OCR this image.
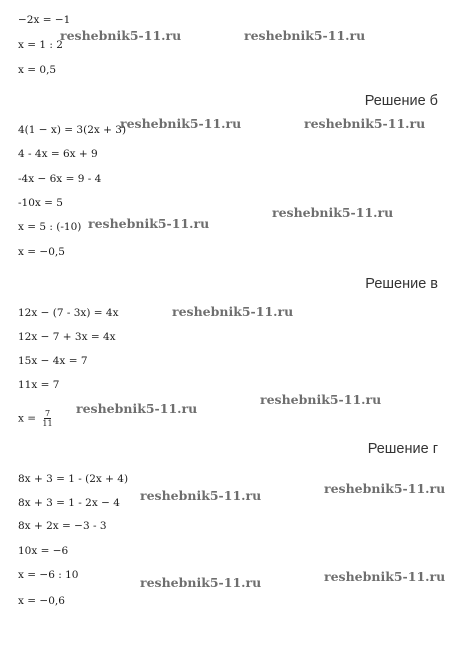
−2x = −1
x = 1 : 2
x = 0,5
Решение б
4(1 − x) = 3(2x + 3)
4 - 4x = 6x + 9
-4x − 6x = 9 - 4
-10x = 5
x = 5 : (-10)
x = −0,5
Решение в
12x − (7 - 3x) = 4x
12x − 7 + 3x = 4x
15x − 4x = 7
11x = 7
$x = \frac{7}{11}$
Решение г
8x + 3 = 1 - (2x + 4)
8x + 3 = 1 - 2x − 4
8x + 2x = −3 - 3
10x = −6
x = −6 : 10
x = −0,6
reshebnik5-11.ru	reshebnik5-11.ru
reshebnik5-11.ru	reshebnik5-11.ru
reshebnik5-11.ru
reshebnik5-11.ru
reshebnik5-11.ru
reshebnik5-11.ru
reshebnik5-11.ru
reshebnik5-11.ru	reshebnik5-11.ru
reshebnik5-11.ru	reshebnik5-11.ru
